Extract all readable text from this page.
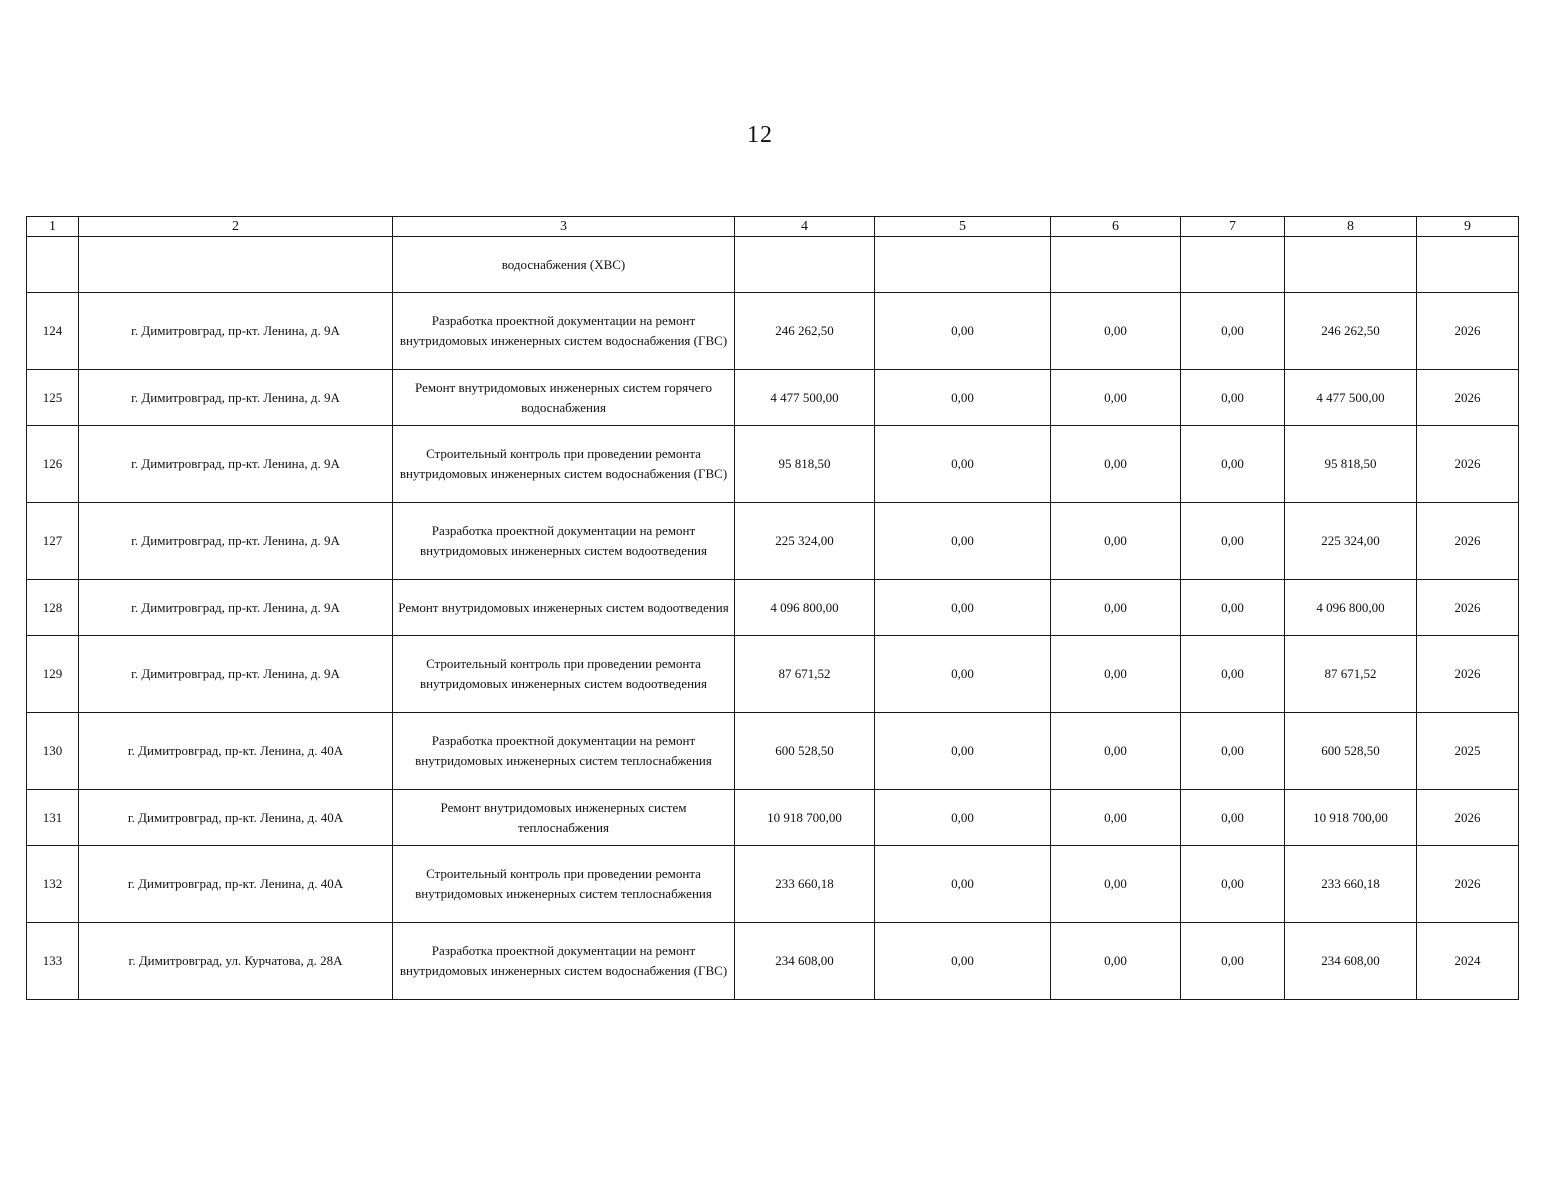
12
1	2	3	4	5	6	7	8	9
		водоснабжения (ХВС)						
124	г. Димитровград, пр-кт. Ленина, д. 9А	Разработка проектной документации на ремонт внутридомовых инженерных систем водоснабжения (ГВС)	246 262,50	0,00	0,00	0,00	246 262,50	2026
125	г. Димитровград, пр-кт. Ленина, д. 9А	Ремонт внутридомовых инженерных систем горячего водоснабжения	4 477 500,00	0,00	0,00	0,00	4 477 500,00	2026
126	г. Димитровград, пр-кт. Ленина, д. 9А	Строительный контроль при проведении ремонта внутридомовых инженерных систем водоснабжения (ГВС)	95 818,50	0,00	0,00	0,00	95 818,50	2026
127	г. Димитровград, пр-кт. Ленина, д. 9А	Разработка проектной документации на ремонт внутридомовых инженерных систем водоотведения	225 324,00	0,00	0,00	0,00	225 324,00	2026
128	г. Димитровград, пр-кт. Ленина, д. 9А	Ремонт внутридомовых инженерных систем водоотведения	4 096 800,00	0,00	0,00	0,00	4 096 800,00	2026
129	г. Димитровград, пр-кт. Ленина, д. 9А	Строительный контроль при проведении ремонта внутридомовых инженерных систем водоотведения	87 671,52	0,00	0,00	0,00	87 671,52	2026
130	г. Димитровград, пр-кт. Ленина, д. 40А	Разработка проектной документации на ремонт внутридомовых инженерных систем теплоснабжения	600 528,50	0,00	0,00	0,00	600 528,50	2025
131	г. Димитровград, пр-кт. Ленина, д. 40А	Ремонт внутридомовых инженерных систем теплоснабжения	10 918 700,00	0,00	0,00	0,00	10 918 700,00	2026
132	г. Димитровград, пр-кт. Ленина, д. 40А	Строительный контроль при проведении ремонта внутридомовых инженерных систем теплоснабжения	233 660,18	0,00	0,00	0,00	233 660,18	2026
133	г. Димитровград, ул. Курчатова, д. 28А	Разработка проектной документации на ремонт внутридомовых инженерных систем водоснабжения (ГВС)	234 608,00	0,00	0,00	0,00	234 608,00	2024
